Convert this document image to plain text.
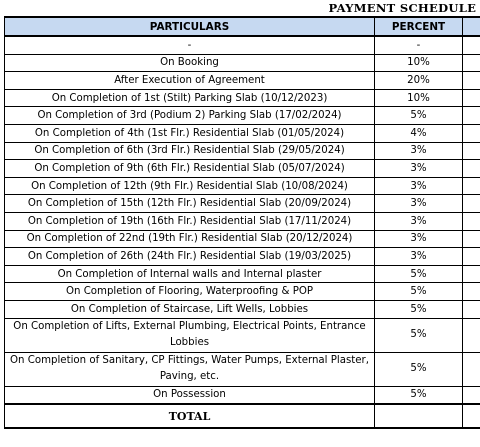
PAYMENT SCHEDULE		
PARTICULARS	PERCENT	
-	-	
On Booking	10%	
After Execution of Agreement	20%	
On Completion of 1st (Stilt) Parking Slab (10/12/2023)	10%	
On Completion of 3rd (Podium 2) Parking Slab (17/02/2024)	5%	
On Completion of 4th (1st Flr.) Residential Slab (01/05/2024)	4%	
On Completion of 6th (3rd Flr.) Residential Slab (29/05/2024)	3%	
On Completion of 9th (6th Flr.) Residential Slab (05/07/2024)	3%	
On Completion of 12th (9th Flr.) Residential Slab (10/08/2024)	3%	
On Completion of 15th (12th Flr.) Residential Slab (20/09/2024)	3%	
On Completion of 19th (16th Flr.) Residential Slab (17/11/2024)	3%	
On Completion of 22nd (19th Flr.) Residential Slab (20/12/2024)	3%	
On Completion of 26th (24th Flr.) Residential Slab (19/03/2025)	3%	
On Completion of Internal walls and Internal plaster	5%	
On Completion of Flooring, Waterproofing & POP	5%	
On Completion of Staircase, Lift Wells, Lobbies	5%	
On Completion of Lifts, External Plumbing, Electrical Points, Entrance Lobbies	5%	
On Completion of Sanitary, CP Fittings, Water Pumps, External Plaster, Paving, etc.	5%	
On Possession	5%	
TOTAL		
